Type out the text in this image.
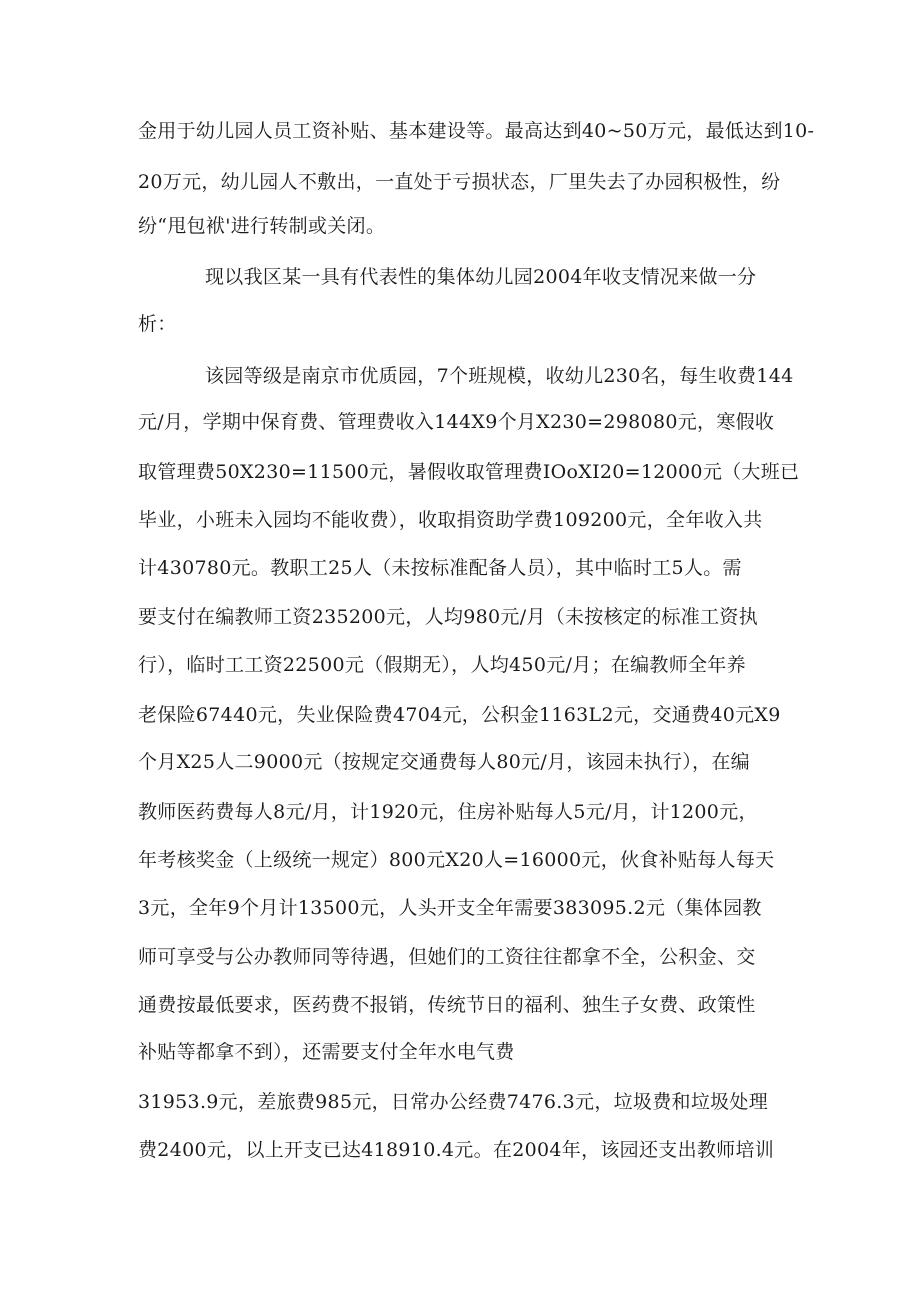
金用于幼儿园人员工资补贴、基本建设等。最高达到40~50万元，最低达到10-

20万元，幼儿园人不敷出，一直处于亏损状态，厂里失去了办园积极性，纷

纷“甩包袱'进行转制或关闭。

现以我区某一具有代表性的集体幼儿园2004年收支情况来做一分

析：

该园等级是南京市优质园，7个班规模，收幼儿230名，每生收费144

元/月，学期中保育费、管理费收入144X9个月X230=298080元，寒假收

取管理费50X230=11500元，暑假收取管理费IOoXI20=12000元（大班已

毕业，小班未入园均不能收费），收取捐资助学费109200元，全年收入共

计430780元。教职工25人（未按标准配备人员），其中临时工5人。需

要支付在编教师工资235200元，人均980元/月（未按核定的标准工资执

行），临时工工资22500元（假期无），人均450元/月；在编教师全年养

老保险67440元，失业保险费4704元，公积金1163L2元，交通费40元X9

个月X25人二9000元（按规定交通费每人80元/月，该园未执行），在编

教师医药费每人8元/月，计1920元，住房补贴每人5元/月，计1200元，

年考核奖金（上级统一规定）800元X20人=16000元，伙食补贴每人每天

3元，全年9个月计13500元，人头开支全年需要383095.2元（集体园教

师可享受与公办教师同等待遇，但她们的工资往往都拿不全，公积金、交

通费按最低要求，医药费不报销，传统节日的福利、独生子女费、政策性

补贴等都拿不到），还需要支付全年水电气费

31953.9元，差旅费985元，日常办公经费7476.3元，垃圾费和垃圾处理

费2400元，以上开支已达418910.4元。在2004年，该园还支出教师培训
